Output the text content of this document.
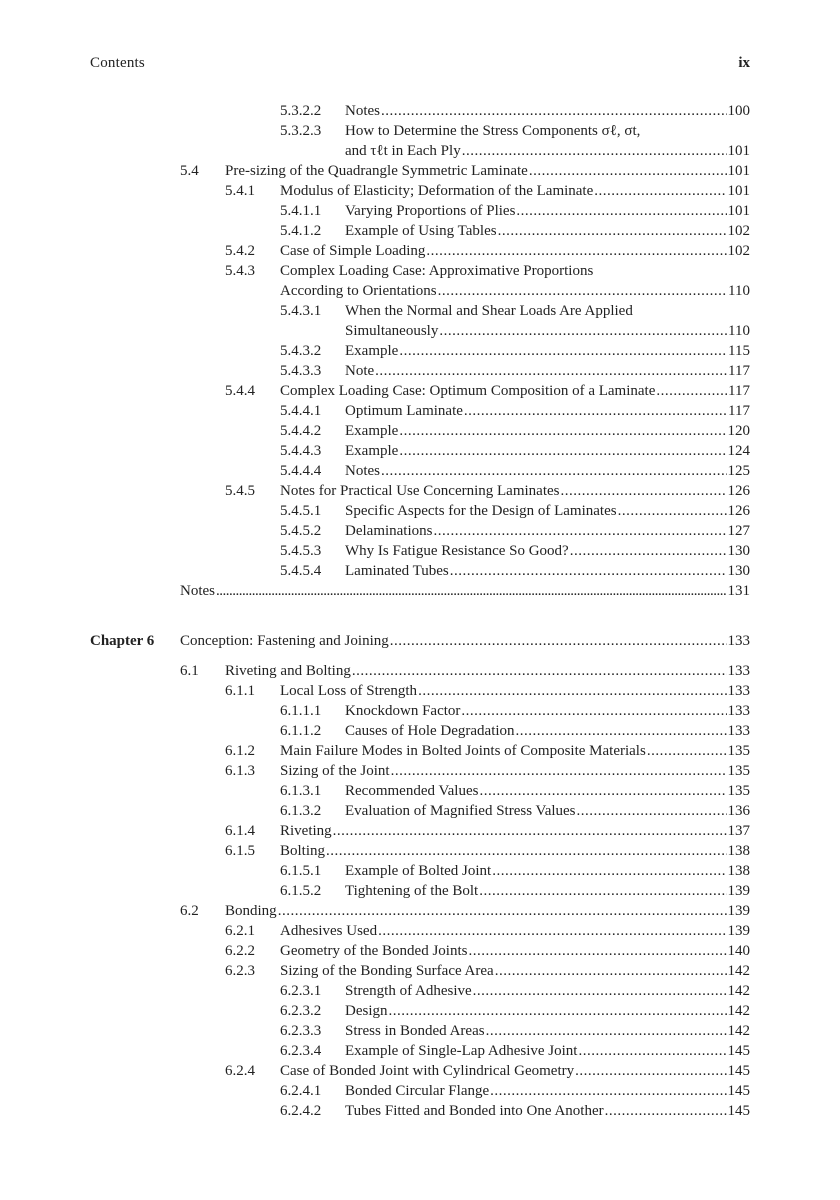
Contents	ix
5.3.2.2 Notes .....	100
5.3.2.3 How to Determine the Stress Components σℓ, σt,
and τℓt in Each Ply .....	101
5.4 Pre-sizing of the Quadrangle Symmetric Laminate .....	101
5.4.1 Modulus of Elasticity; Deformation of the Laminate .....	101
5.4.1.1 Varying Proportions of Plies .....	101
5.4.1.2 Example of Using Tables .....	102
5.4.2 Case of Simple Loading .....	102
5.4.3 Complex Loading Case: Approximative Proportions
According to Orientations .....	110
5.4.3.1 When the Normal and Shear Loads Are Applied
Simultaneously .....	110
5.4.3.2 Example .....	115
5.4.3.3 Note .....	117
5.4.4 Complex Loading Case: Optimum Composition of a Laminate .....	117
5.4.4.1 Optimum Laminate .....	117
5.4.4.2 Example .....	120
5.4.4.3 Example .....	124
5.4.4.4 Notes .....	125
5.4.5 Notes for Practical Use Concerning Laminates .....	126
5.4.5.1 Specific Aspects for the Design of Laminates .....	126
5.4.5.2 Delaminations .....	127
5.4.5.3 Why Is Fatigue Resistance So Good? .....	130
5.4.5.4 Laminated Tubes .....	130
Notes .....	131
Chapter 6 Conception: Fastening and Joining .....	133
6.1 Riveting and Bolting .....	133
6.1.1 Local Loss of Strength .....	133
6.1.1.1 Knockdown Factor .....	133
6.1.1.2 Causes of Hole Degradation .....	133
6.1.2 Main Failure Modes in Bolted Joints of Composite Materials .....	135
6.1.3 Sizing of the Joint .....	135
6.1.3.1 Recommended Values .....	135
6.1.3.2 Evaluation of Magnified Stress Values .....	136
6.1.4 Riveting .....	137
6.1.5 Bolting .....	138
6.1.5.1 Example of Bolted Joint .....	138
6.1.5.2 Tightening of the Bolt .....	139
6.2 Bonding .....	139
6.2.1 Adhesives Used .....	139
6.2.2 Geometry of the Bonded Joints .....	140
6.2.3 Sizing of the Bonding Surface Area .....	142
6.2.3.1 Strength of Adhesive .....	142
6.2.3.2 Design .....	142
6.2.3.3 Stress in Bonded Areas .....	142
6.2.3.4 Example of Single-Lap Adhesive Joint .....	145
6.2.4 Case of Bonded Joint with Cylindrical Geometry .....	145
6.2.4.1 Bonded Circular Flange .....	145
6.2.4.2 Tubes Fitted and Bonded into One Another .....	145
